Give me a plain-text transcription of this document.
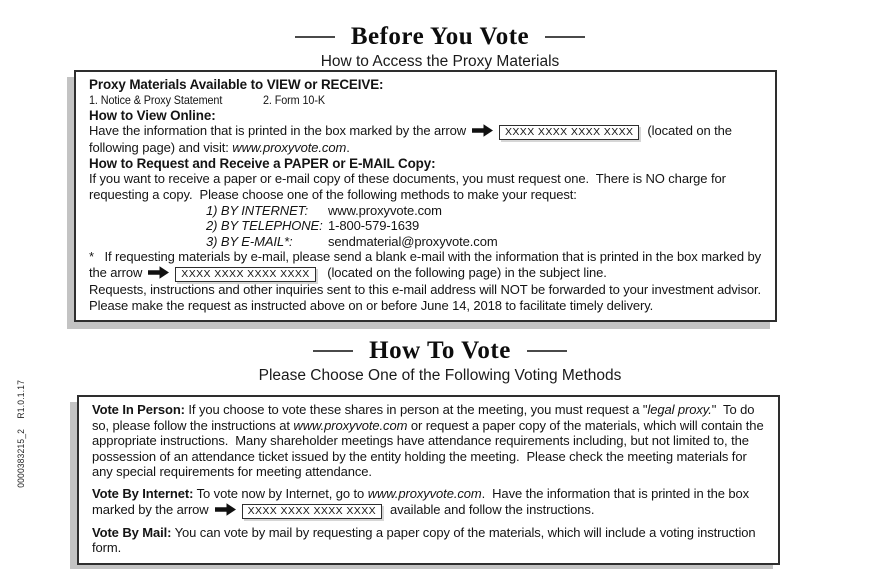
0000383215_2    R1.0.1.17
Before You Vote
How to Access the Proxy Materials
Proxy Materials Available to VIEW or RECEIVE:
1. Notice & Proxy Statement	2. Form 10-K
How to View Online:

Have the information that is printed in the box marked by the arrow	XXXX XXXX XXXX XXXX (located on the following page) and visit: www.proxyvote.com.

How to Request and Receive a PAPER or E-MAIL Copy:

If you want to receive a paper or e-mail copy of these documents, you must request one.  There is NO charge for requesting a copy.  Please choose one of the following methods to make your request:

1) BY INTERNET:	www.proxyvote.com
2) BY TELEPHONE: 1-800-579-1639
3) BY E-MAIL*:	sendmaterial@proxyvote.com

*   If requesting materials by e-mail, please send a blank e-mail with the information that is printed in the box marked by the arrow	XXXX XXXX XXXX XXXX (located on the following page) in the subject line.

Requests, instructions and other inquiries sent to this e-mail address will NOT be forwarded to your investment advisor. Please make the request as instructed above on or before June 14, 2018 to facilitate timely delivery.

How To Vote
Please Choose One of the Following Voting Methods

Vote In Person: If you choose to vote these shares in person at the meeting, you must request a "legal proxy."  To do so, please follow the instructions at www.proxyvote.com or request a paper copy of the materials, which will contain the appropriate instructions.  Many shareholder meetings have attendance requirements including, but not limited to, the possession of an attendance ticket issued by the entity holding the meeting.  Please check the meeting materials for any special requirements for meeting attendance.

Vote By Internet: To vote now by Internet, go to www.proxyvote.com.  Have the information that is printed in the box marked by the arrow	XXXX XXXX XXXX XXXX available and follow the instructions.

Vote By Mail: You can vote by mail by requesting a paper copy of the materials, which will include a voting instruction form.
